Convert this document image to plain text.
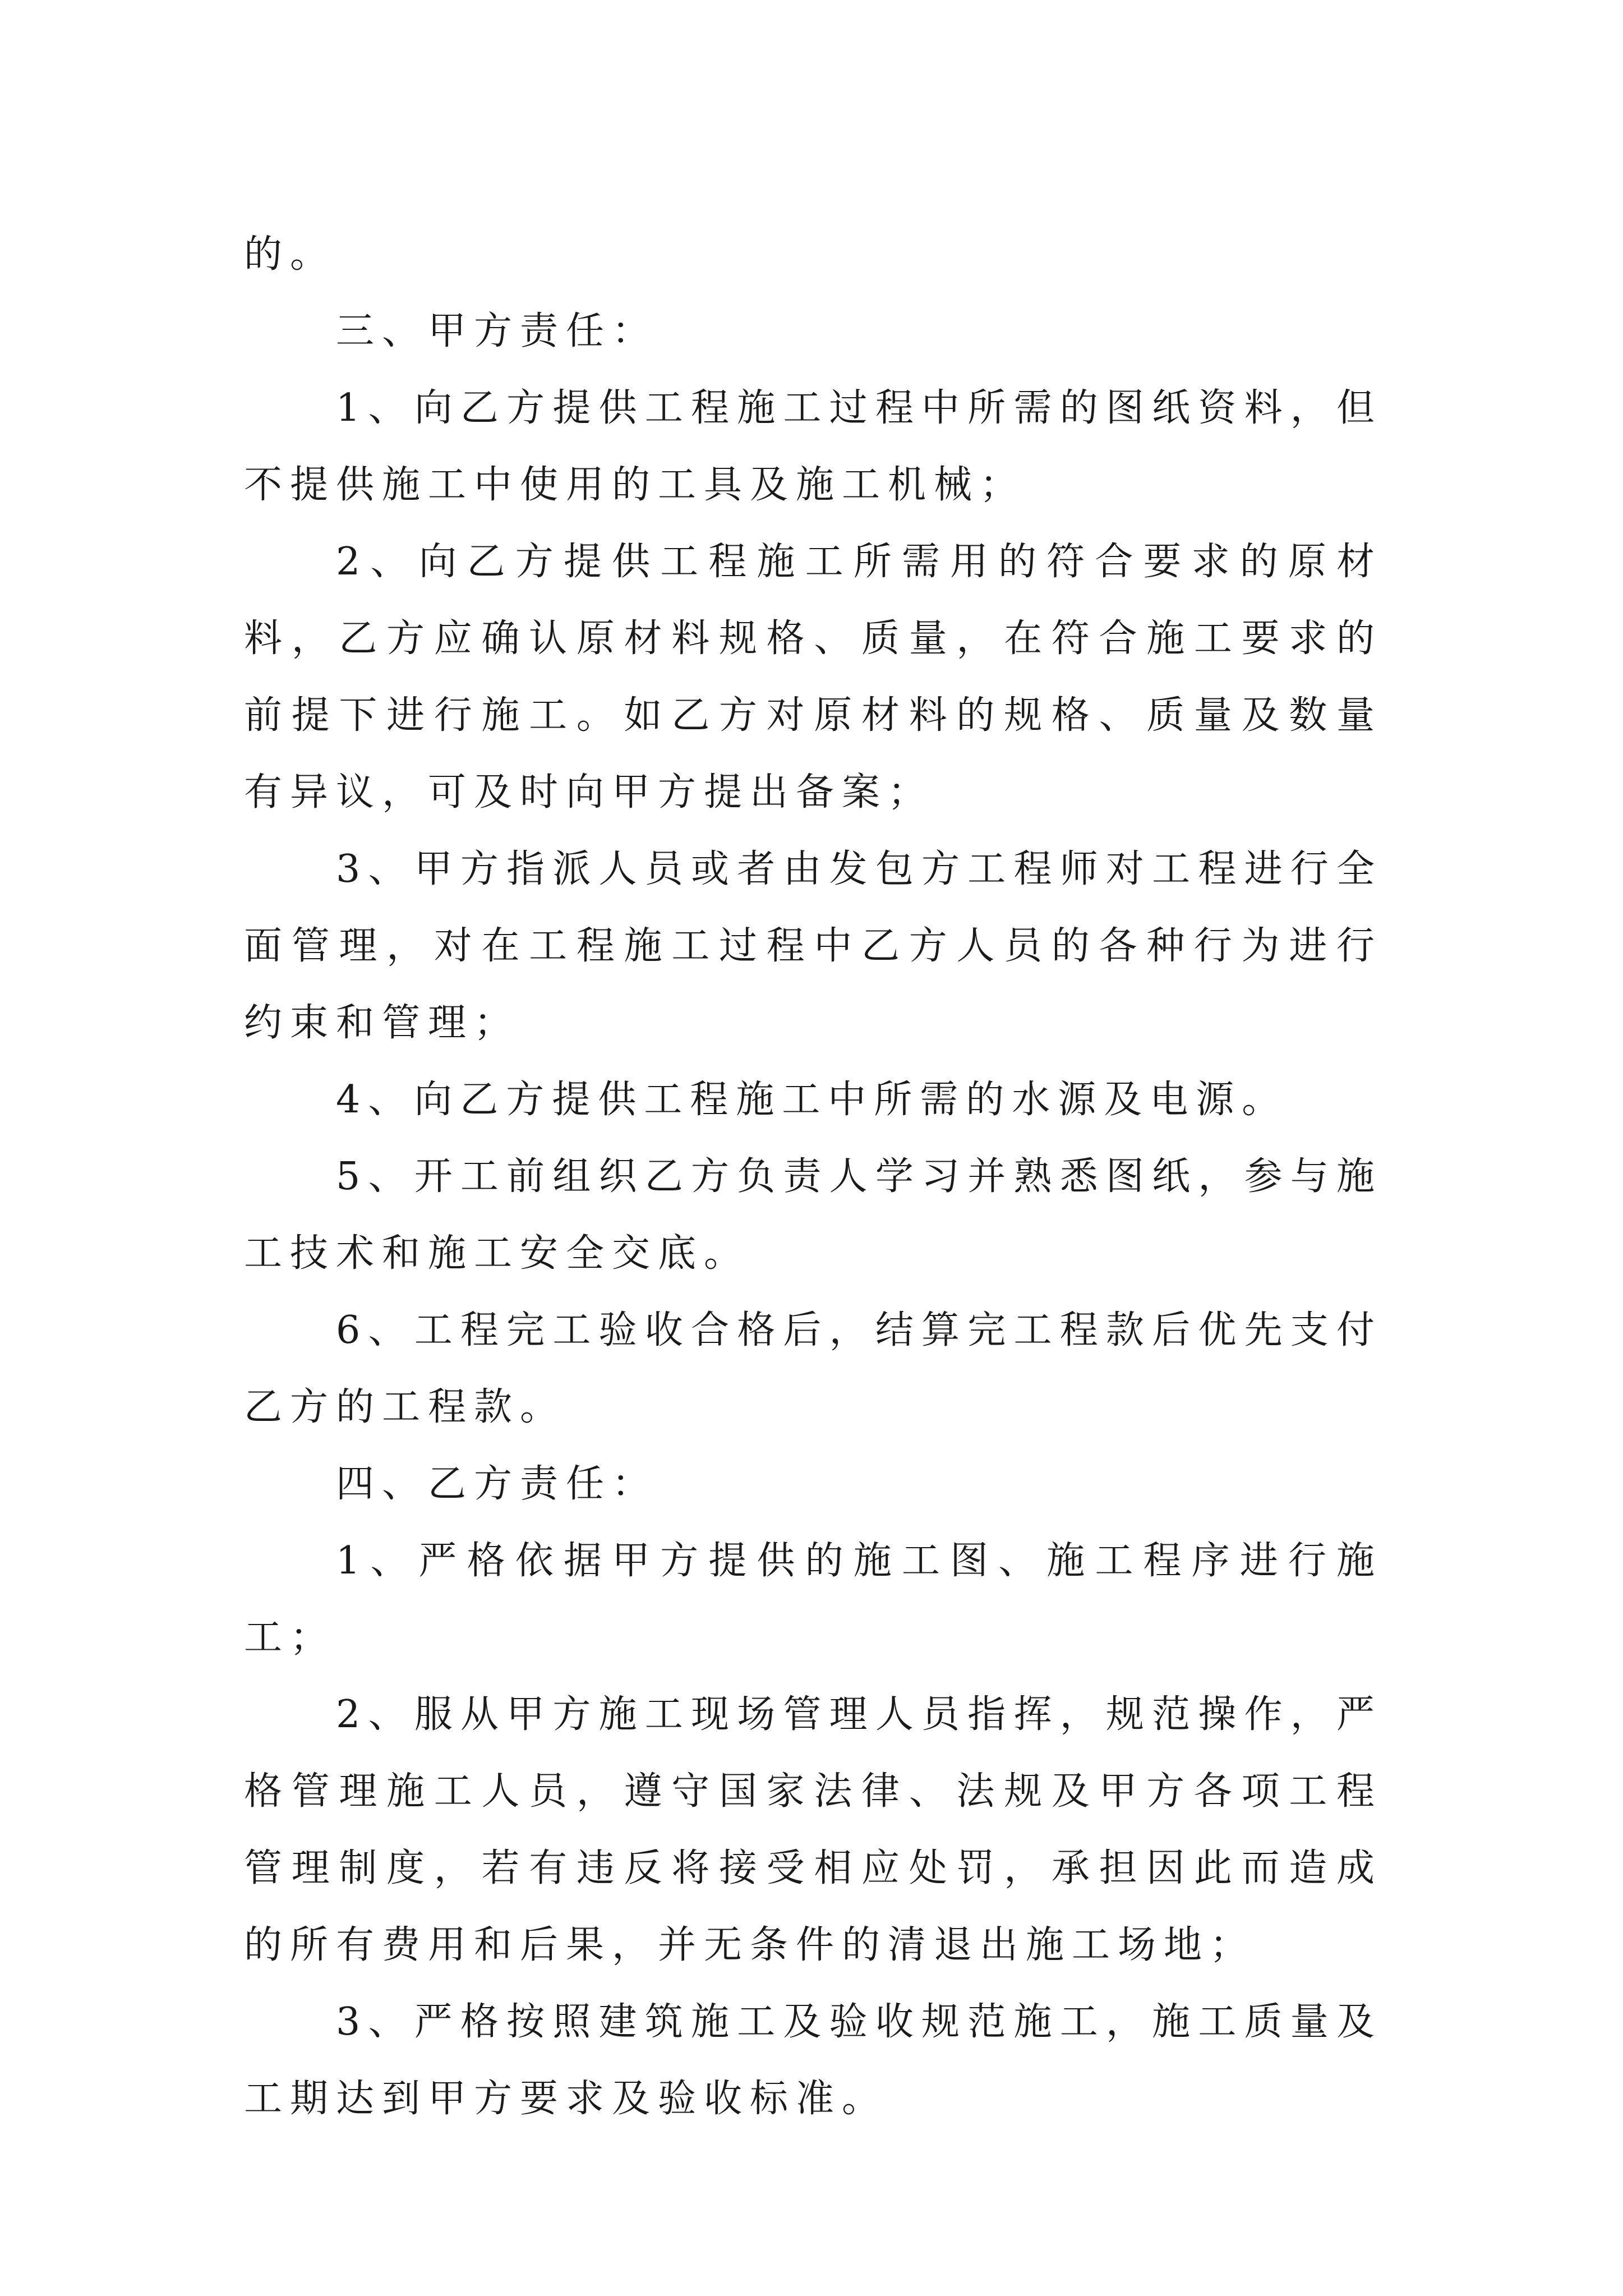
的。

三、甲方责任：

1、向乙方提供工程施工过程中所需的图纸资料，但不提供施工中使用的工具及施工机械；

2、向乙方提供工程施工所需用的符合要求的原材料，乙方应确认原材料规格、质量，在符合施工要求的前提下进行施工。如乙方对原材料的规格、质量及数量有异议，可及时向甲方提出备案；

3、甲方指派人员或者由发包方工程师对工程进行全面管理，对在工程施工过程中乙方人员的各种行为进行约束和管理；

4、向乙方提供工程施工中所需的水源及电源。

5、开工前组织乙方负责人学习并熟悉图纸，参与施工技术和施工安全交底。

6、工程完工验收合格后，结算完工程款后优先支付乙方的工程款。

四、乙方责任：

1、严格依据甲方提供的施工图、施工程序进行施工；

2、服从甲方施工现场管理人员指挥，规范操作，严格管理施工人员，遵守国家法律、法规及甲方各项工程管理制度，若有违反将接受相应处罚，承担因此而造成的所有费用和后果，并无条件的清退出施工场地；

3、严格按照建筑施工及验收规范施工，施工质量及工期达到甲方要求及验收标准。
